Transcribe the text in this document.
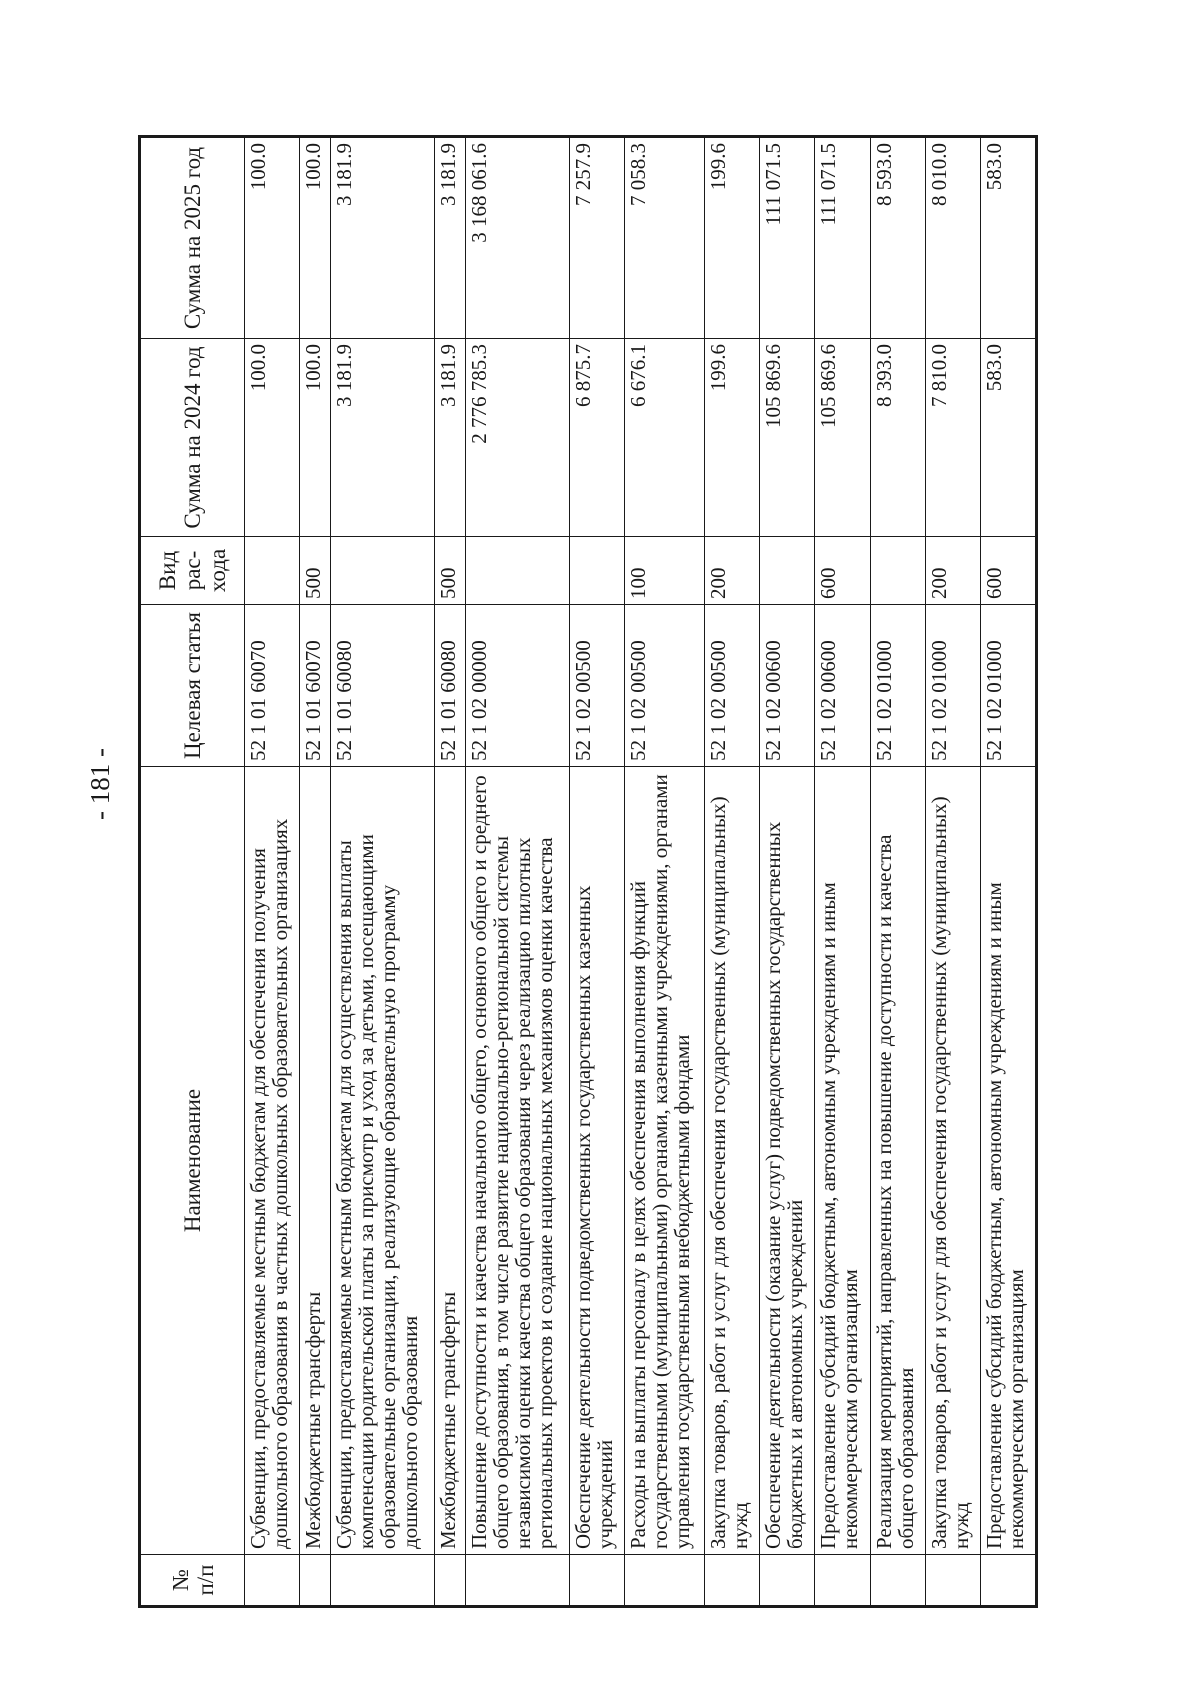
- 181 -
№ п/п	Наименование	Целевая статья	Вид рас-хода	Сумма на 2024 год	Сумма на 2025 год
	Субвенции, предоставляемые местным бюджетам для обеспечения получения дошкольного образования в частных дошкольных образовательных организациях	52 1 01 60070		100.0	100.0
	Межбюджетные трансферты	52 1 01 60070	500	100.0	100.0
	Субвенции, предоставляемые местным бюджетам для осуществления выплаты компенсации родительской платы за присмотр и уход за детьми, посещающими образовательные организации, реализующие образовательную программу дошкольного образования	52 1 01 60080		3 181.9	3 181.9
	Межбюджетные трансферты	52 1 01 60080	500	3 181.9	3 181.9
	Повышение доступности и качества начального общего, основного общего и среднего общего образования, в том числе развитие национально-региональной системы независимой оценки качества общего образования через реализацию пилотных региональных проектов и создание национальных механизмов оценки качества	52 1 02 00000		2 776 785.3	3 168 061.6
	Обеспечение деятельности подведомственных государственных казенных учреждений	52 1 02 00500		6 875.7	7 257.9
	Расходы на выплаты персоналу в целях обеспечения выполнения функций государственными (муниципальными) органами, казенными учреждениями, органами управления государственными внебюджетными фондами	52 1 02 00500	100	6 676.1	7 058.3
	Закупка товаров, работ и услуг для обеспечения государственных (муниципальных) нужд	52 1 02 00500	200	199.6	199.6
	Обеспечение деятельности (оказание услуг) подведомственных государственных бюджетных и автономных учреждений	52 1 02 00600		105 869.6	111 071.5
	Предоставление субсидий бюджетным, автономным учреждениям и иным некоммерческим организациям	52 1 02 00600	600	105 869.6	111 071.5
	Реализация мероприятий, направленных на повышение доступности и качества общего образования	52 1 02 01000		8 393.0	8 593.0
	Закупка товаров, работ и услуг для обеспечения государственных (муниципальных) нужд	52 1 02 01000	200	7 810.0	8 010.0
	Предоставление субсидий бюджетным, автономным учреждениям и иным некоммерческим организациям	52 1 02 01000	600	583.0	583.0
